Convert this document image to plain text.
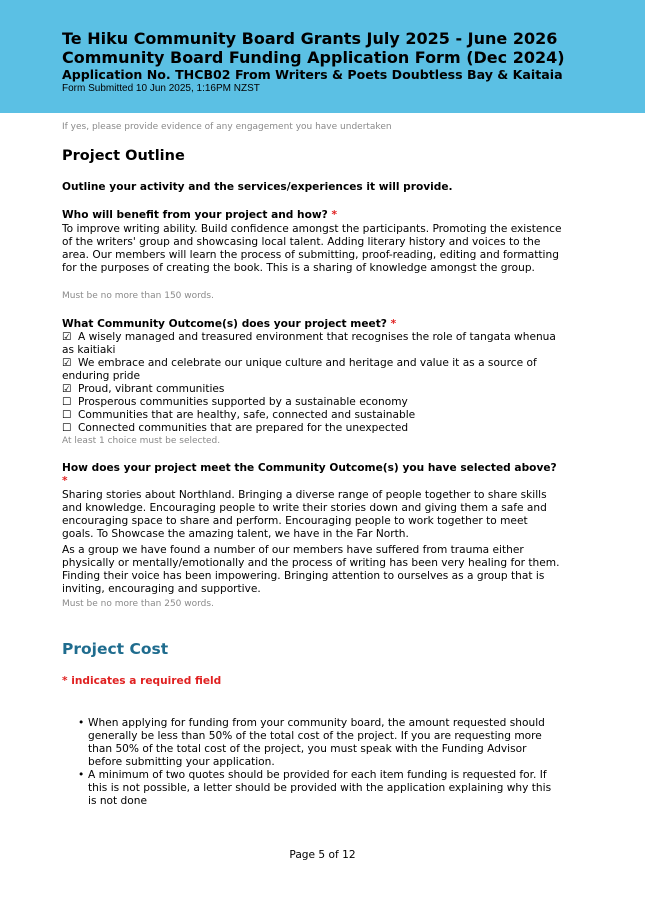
Te Hiku Community Board Grants July 2025 - June 2026
Community Board Funding Application Form (Dec 2024)
Application No. THCB02 From Writers & Poets Doubtless Bay & Kaitaia
Form Submitted 10 Jun 2025, 1:16PM NZST
If yes, please provide evidence of any engagement you have undertaken
Project Outline
Outline your activity and the services/experiences it will provide.
Who will benefit from your project and how? *
To improve writing ability. Build confidence amongst the participants. Promoting the existence of the writers' group and showcasing local talent. Adding literary history and voices to the area. Our members will learn the process of submitting, proof-reading, editing and formatting for the purposes of creating the book. This is a sharing of knowledge amongst the group.
Must be no more than 150 words.
What Community Outcome(s) does your project meet? *
☑ A wisely managed and treasured environment that recognises the role of tangata whenua as kaitiaki
☑ We embrace and celebrate our unique culture and heritage and value it as a source of enduring pride
☑ Proud, vibrant communities
☐ Prosperous communities supported by a sustainable economy
☐ Communities that are healthy, safe, connected and sustainable
☐ Connected communities that are prepared for the unexpected
At least 1 choice must be selected.
How does your project meet the Community Outcome(s) you have selected above? *
Sharing stories about Northland. Bringing a diverse range of people together to share skills and knowledge. Encouraging people to write their stories down and giving them a safe and encouraging space to share and perform. Encouraging people to work together to meet goals. To Showcase the amazing talent, we have in the Far North.
As a group we have found a number of our members have suffered from trauma either physically or mentally/emotionally and the process of writing has been very healing for them. Finding their voice has been impowering. Bringing attention to ourselves as a group that is inviting, encouraging and supportive.
Must be no more than 250 words.
Project Cost
* indicates a required field
• When applying for funding from your community board, the amount requested should generally be less than 50% of the total cost of the project. If you are requesting more than 50% of the total cost of the project, you must speak with the Funding Advisor before submitting your application.
• A minimum of two quotes should be provided for each item funding is requested for. If this is not possible, a letter should be provided with the application explaining why this is not done
Page 5 of 12
